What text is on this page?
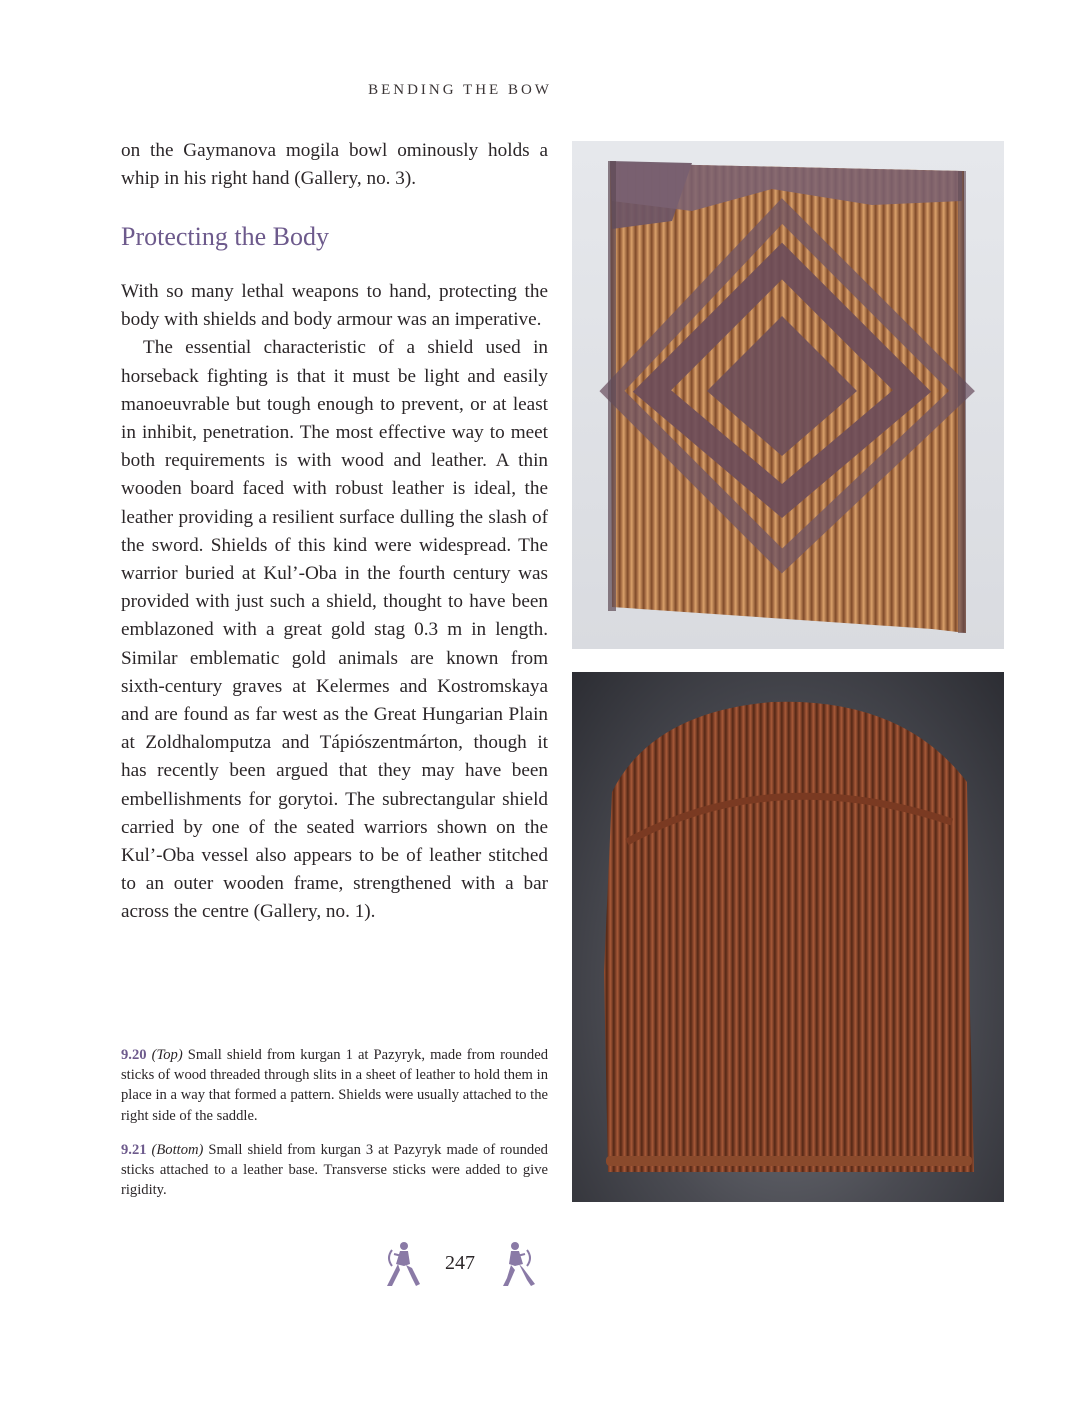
BENDING THE BOW

on the Gaymanova mogila bowl ominously holds a whip in his right hand (Gallery, no. 3).

Protecting the Body

With so many lethal weapons to hand, protecting the body with shields and body armour was an imperative.

The essential characteristic of a shield used in horseback fighting is that it must be light and easily manoeuvrable but tough enough to prevent, or at least in inhibit, penetration. The most effective way to meet both requirements is with wood and leather. A thin wooden board faced with robust leather is ideal, the leather providing a resilient surface dulling the slash of the sword. Shields of this kind were widespread. The warrior buried at Kul’-Oba in the fourth century was provided with just such a shield, thought to have been emblazoned with a great gold stag 0.3 m in length. Similar emblematic gold animals are known from sixth-century graves at Kelermes and Kostromskaya and are found as far west as the Great Hungarian Plain at Zoldhalomputza and Tápiószentmárton, though it has recently been argued that they may have been embellishments for gorytoi. The subrectangular shield carried by one of the seated warriors shown on the Kul’-Oba vessel also appears to be of leather stitched to an outer wooden frame, strengthened with a bar across the centre (Gallery, no. 1).

9.20 (Top) Small shield from kurgan 1 at Pazyryk, made from rounded sticks of wood threaded through slits in a sheet of leather to hold them in place in a way that formed a pattern. Shields were usually attached to the right side of the saddle.

9.21 (Bottom) Small shield from kurgan 3 at Pazyryk made of rounded sticks attached to a leather base. Transverse sticks were added to give rigidity.

247
